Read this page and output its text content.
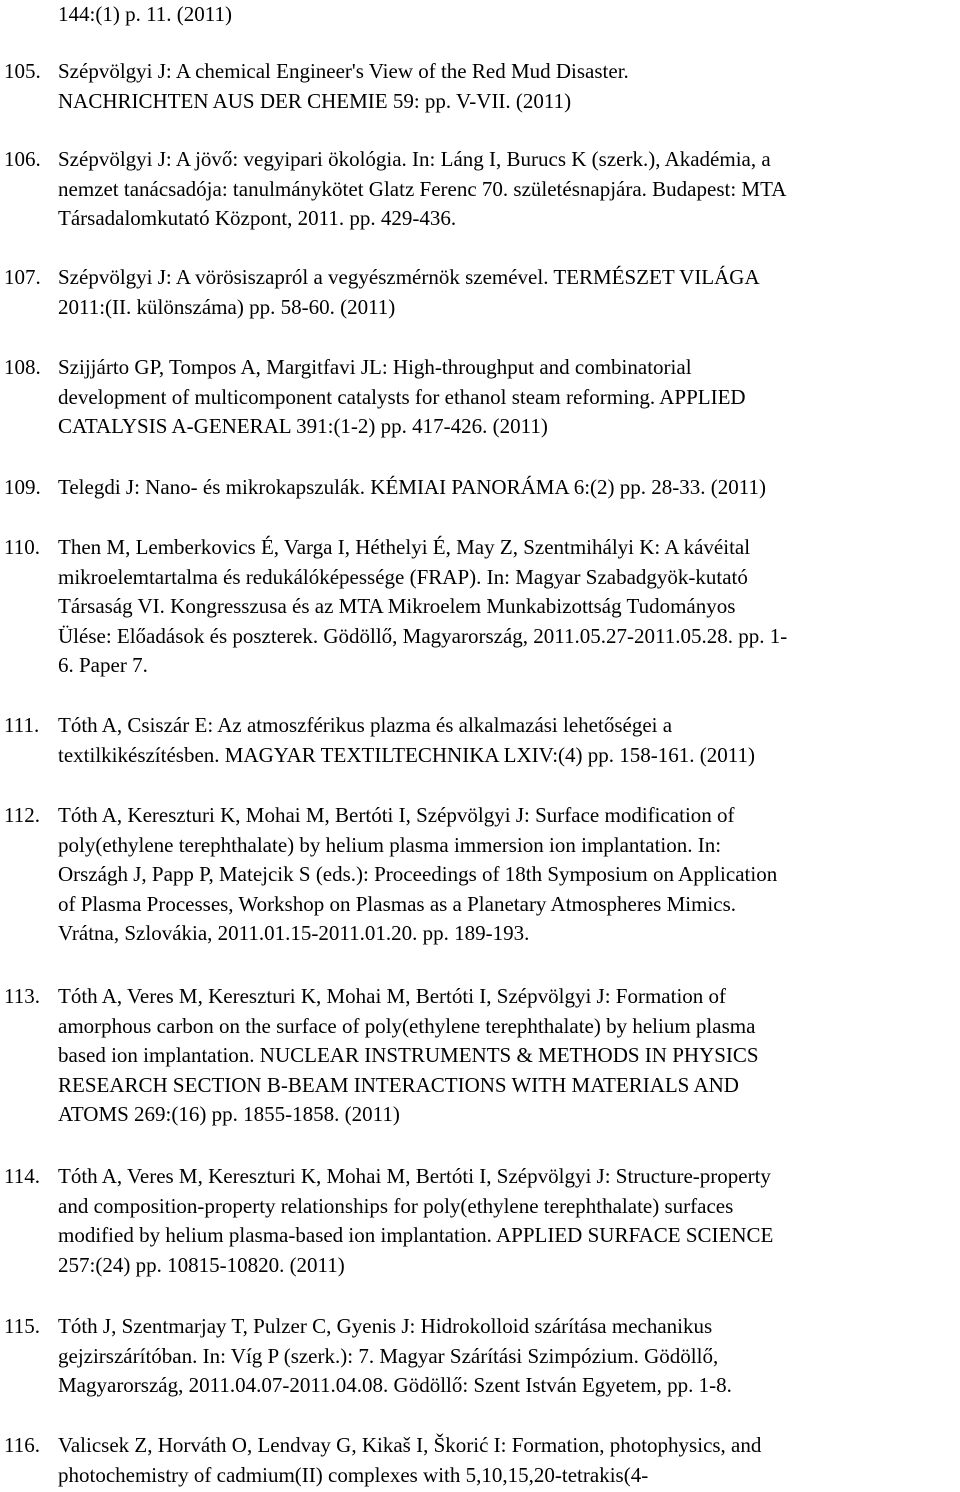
144:(1) p. 11. (2011)
105. Szépvölgyi J: A chemical Engineer's View of the Red Mud Disaster.
NACHRICHTEN AUS DER CHEMIE 59: pp. V-VII. (2011)
106. Szépvölgyi J: A jövő: vegyipari ökológia. In: Láng I, Burucs K (szerk.), Akadémia, a
nemzet tanácsadója: tanulmánykötet Glatz Ferenc 70. születésnapjára. Budapest: MTA
Társadalomkutató Központ, 2011. pp. 429-436.
107. Szépvölgyi J: A vörösiszapról a vegyészmérnök szemével. TERMÉSZET VILÁGA
2011:(II. különszáma) pp. 58-60. (2011)
108. Szijjárto GP, Tompos A, Margitfavi JL: High-throughput and combinatorial
development of multicomponent catalysts for ethanol steam reforming. APPLIED
CATALYSIS A-GENERAL 391:(1-2) pp. 417-426. (2011)
109. Telegdi J: Nano- és mikrokapszulák. KÉMIAI PANORÁMA 6:(2) pp. 28-33. (2011)
110. Then M, Lemberkovics É, Varga I, Héthelyi É, May Z, Szentmihályi K: A kávéital
mikroelemtartalma és redukálóképessége (FRAP). In: Magyar Szabadgyök-kutató
Társaság VI. Kongresszusa és az MTA Mikroelem Munkabizottság Tudományos
Ülése: Előadások és poszterek. Gödöllő, Magyarország, 2011.05.27-2011.05.28. pp. 1-
6. Paper 7.
111. Tóth A, Csiszár E: Az atmoszférikus plazma és alkalmazási lehetőségei a
textilkikészítésben. MAGYAR TEXTILTECHNIKA LXIV:(4) pp. 158-161. (2011)
112. Tóth A, Kereszturi K, Mohai M, Bertóti I, Szépvölgyi J: Surface modification of
poly(ethylene terephthalate) by helium plasma immersion ion implantation. In:
Országh J, Papp P, Matejcik S (eds.): Proceedings of 18th Symposium on Application
of Plasma Processes, Workshop on Plasmas as a Planetary Atmospheres Mimics.
Vrátna, Szlovákia, 2011.01.15-2011.01.20. pp. 189-193.
113. Tóth A, Veres M, Kereszturi K, Mohai M, Bertóti I, Szépvölgyi J: Formation of
amorphous carbon on the surface of poly(ethylene terephthalate) by helium plasma
based ion implantation. NUCLEAR INSTRUMENTS & METHODS IN PHYSICS
RESEARCH SECTION B-BEAM INTERACTIONS WITH MATERIALS AND
ATOMS 269:(16) pp. 1855-1858. (2011)
114. Tóth A, Veres M, Kereszturi K, Mohai M, Bertóti I, Szépvölgyi J: Structure-property
and composition-property relationships for poly(ethylene terephthalate) surfaces
modified by helium plasma-based ion implantation. APPLIED SURFACE SCIENCE
257:(24) pp. 10815-10820. (2011)
115. Tóth J, Szentmarjay T, Pulzer C, Gyenis J: Hidrokolloid szárítása mechanikus
gejzirszárítóban. In: Víg P (szerk.): 7. Magyar Szárítási Szimpózium. Gödöllő,
Magyarország, 2011.04.07-2011.04.08. Gödöllő: Szent István Egyetem, pp. 1-8.
116. Valicsek Z, Horváth O, Lendvay G, Kikaš I, Škorić I: Formation, photophysics, and
photochemistry of cadmium(II) complexes with 5,10,15,20-tetrakis(4-
